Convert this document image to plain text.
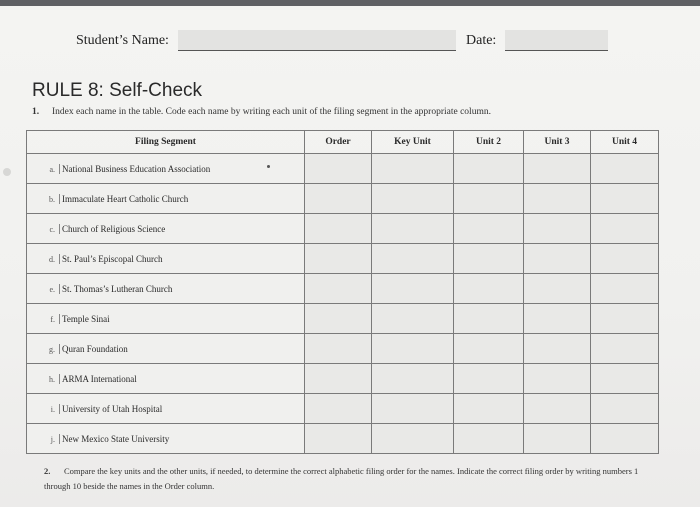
Student’s Name:	Date:
RULE 8: Self-Check
1. Index each name in the table. Code each name by writing each unit of the filing segment in the appropriate column.
Filing Segment	Order	Key Unit	Unit 2	Unit 3	Unit 4
a. National Business Education Association

b. Immaculate Heart Catholic Church					
c. Church of Religious Science					
d. St. Paul’s Episcopal Church					
e. St. Thomas’s Lutheran Church					
f. Temple Sinai					
g. Quran Foundation					
h. ARMA International					
i. University of Utah Hospital					
j. New Mexico State University					
2. Compare the key units and the other units, if needed, to determine the correct alphabetic filing order for the names. Indicate the correct filing order by writing numbers 1 through 10 beside the names in the Order column.
